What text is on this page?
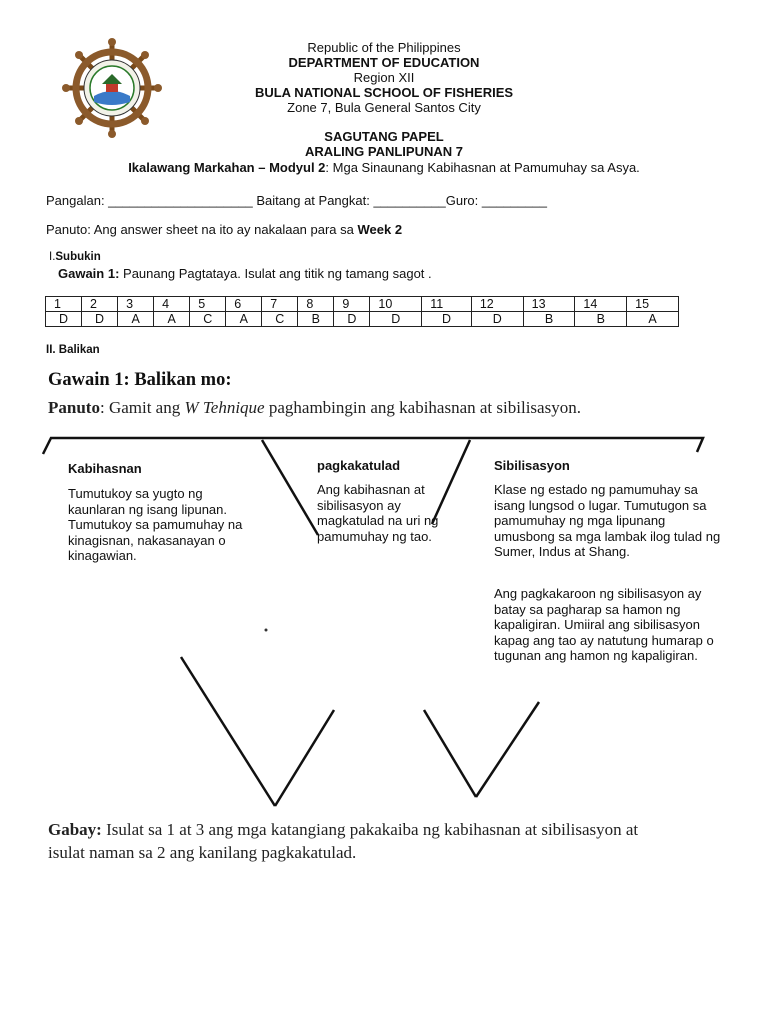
Republic of the Philippines
DEPARTMENT OF EDUCATION
Region XII
BULA NATIONAL SCHOOL OF FISHERIES
Zone 7, Bula General Santos City
SAGUTANG PAPEL
ARALING PANLIPUNAN 7
Ikalawang Markahan – Modyul 2: Mga Sinaunang Kabihasnan at Pamumuhay sa Asya.
Pangalan: ____________________ Baitang at Pangkat: __________Guro: _________
Panuto: Ang answer sheet na ito ay nakalaan para sa Week 2
I.Subukin
Gawain 1: Paunang Pagtataya. Isulat ang titik ng tamang sagot .
1	2	3	4	5	6	7	8	9	10	11	12	13	14	15
D	D	A	A	C	A	C	B	D	D	D	D	B	B	A
II. Balikan
Gawain 1: Balikan mo:
Panuto: Gamit ang W Tehnique paghambingin ang kabihasnan at sibilisasyon.
Kabihasnan
Tumutukoy sa yugto ng kaunlaran ng isang lipunan. Tumutukoy sa pamumuhay na kinagisnan, nakasanayan o kinagawian.
pagkakatulad
Ang kabihasnan at sibilisasyon ay magkatulad na uri ng pamumuhay ng tao.
Sibilisasyon
Klase ng estado ng pamumuhay sa isang lungsod o lugar. Tumutugon sa pamumuhay ng mga lipunang umusbong sa mga lambak ilog tulad ng Sumer, Indus at Shang.
Ang pagkakaroon ng sibilisasyon ay batay sa pagharap sa hamon ng kapaligiran. Umiiral ang sibilisasyon kapag ang tao ay natutung humarap o tugunan ang hamon ng kapaligiran.
Gabay: Isulat sa 1 at 3 ang mga katangiang pakakaiba ng kabihasnan at sibilisasyon at isulat naman sa 2 ang kanilang pagkakatulad.
